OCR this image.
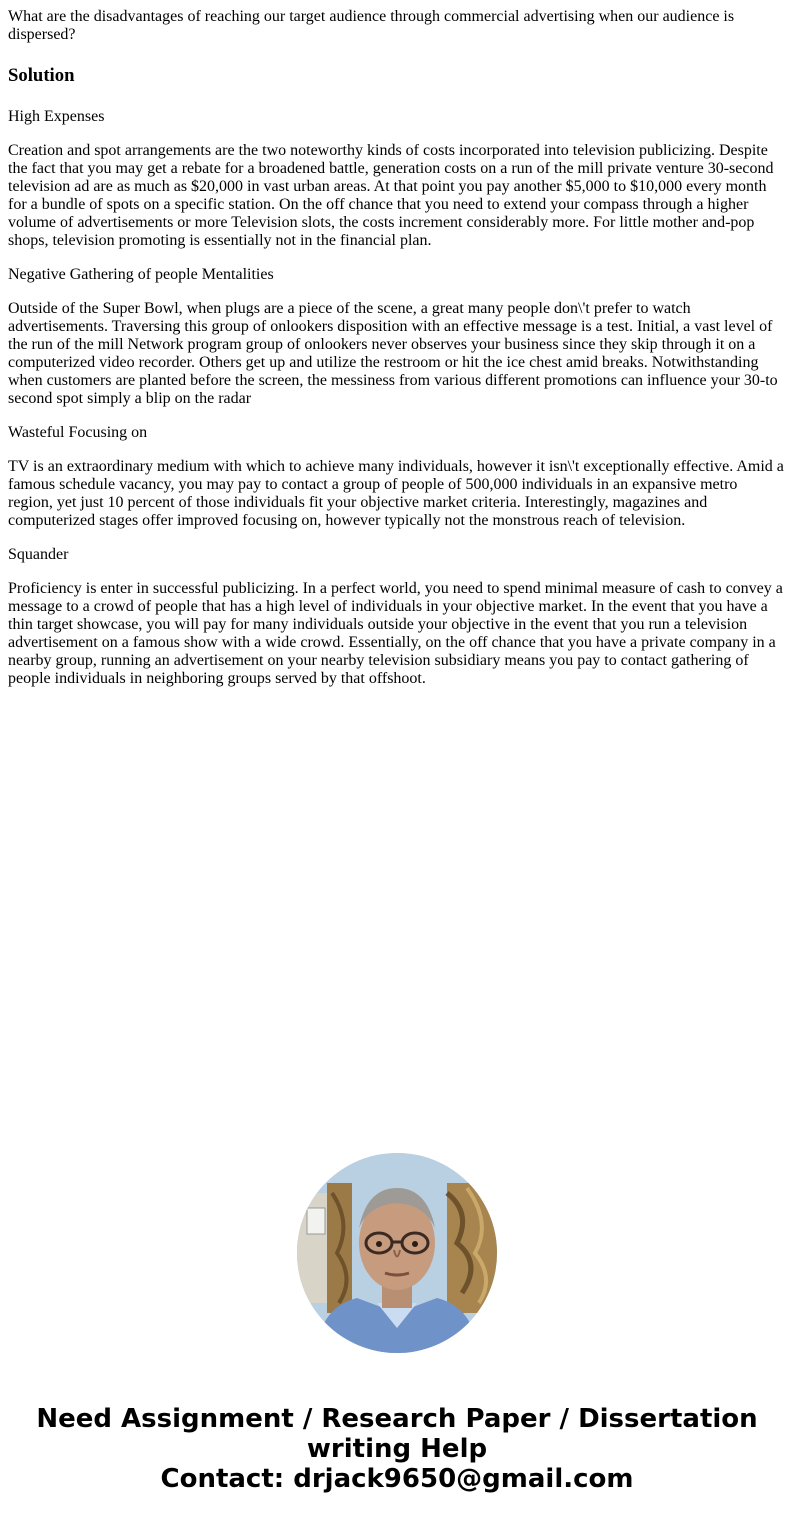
What are the disadvantages of reaching our target audience through commercial advertising when our audience is dispersed?

Solution

High Expenses

Creation and spot arrangements are the two noteworthy kinds of costs incorporated into television publicizing. Despite the fact that you may get a rebate for a broadened battle, generation costs on a run of the mill private venture 30-second television ad are as much as $20,000 in vast urban areas. At that point you pay another $5,000 to $10,000 every month for a bundle of spots on a specific station. On the off chance that you need to extend your compass through a higher volume of advertisements or more Television slots, the costs increment considerably more. For little mother and-pop shops, television promoting is essentially not in the financial plan.

Negative Gathering of people Mentalities

Outside of the Super Bowl, when plugs are a piece of the scene, a great many people don\'t prefer to watch advertisements. Traversing this group of onlookers disposition with an effective message is a test. Initial, a vast level of the run of the mill Network program group of onlookers never observes your business since they skip through it on a computerized video recorder. Others get up and utilize the restroom or hit the ice chest amid breaks. Notwithstanding when customers are planted before the screen, the messiness from various different promotions can influence your 30-to second spot simply a blip on the radar

Wasteful Focusing on

TV is an extraordinary medium with which to achieve many individuals, however it isn\'t exceptionally effective. Amid a famous schedule vacancy, you may pay to contact a group of people of 500,000 individuals in an expansive metro region, yet just 10 percent of those individuals fit your objective market criteria. Interestingly, magazines and computerized stages offer improved focusing on, however typically not the monstrous reach of television.

Squander

Proficiency is enter in successful publicizing. In a perfect world, you need to spend minimal measure of cash to convey a message to a crowd of people that has a high level of individuals in your objective market. In the event that you have a thin target showcase, you will pay for many individuals outside your objective in the event that you run a television advertisement on a famous show with a wide crowd. Essentially, on the off chance that you have a private company in a nearby group, running an advertisement on your nearby television subsidiary means you pay to contact gathering of people individuals in neighboring groups served by that offshoot.

Need Assignment / Research Paper / Dissertation writing Help
Contact: drjack9650@gmail.com
